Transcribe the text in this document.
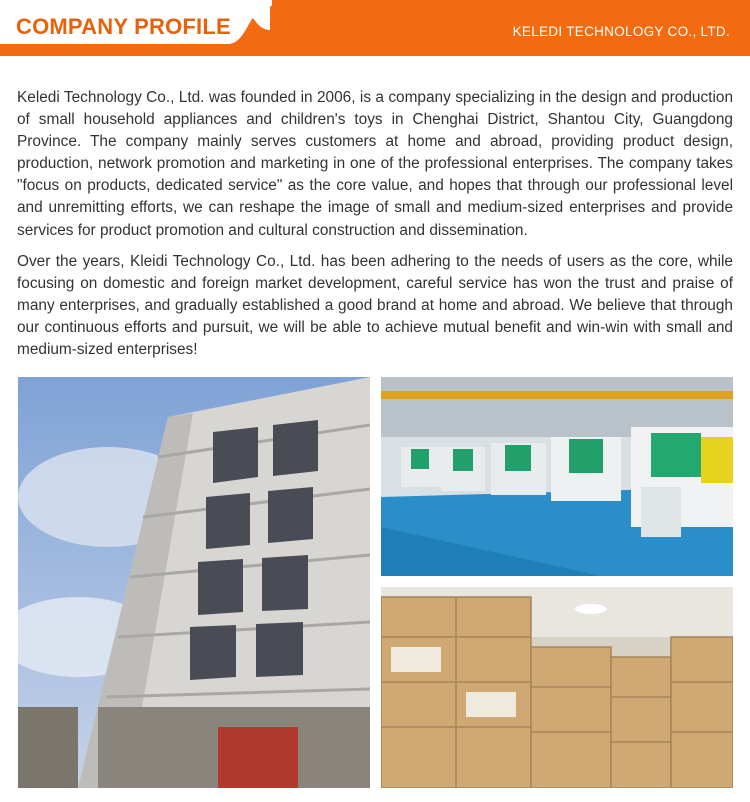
COMPANY PROFILE	KELEDI TECHNOLOGY CO., LTD.

Keledi Technology Co., Ltd. was founded in 2006, is a company specializing in the design and production of small household appliances and children's toys in Chenghai District, Shantou City, Guangdong Province. The company mainly serves customers at home and abroad, providing product design, production, network promotion and marketing in one of the professional enterprises. The company takes "focus on products, dedicated service" as the core value, and hopes that through our professional level and unremitting efforts, we can reshape the image of small and medium-sized enterprises and provide services for product promotion and cultural construction and dissemination.

Over the years, Kleidi Technology Co., Ltd. has been adhering to the needs of users as the core, while focusing on domestic and foreign market development, careful service has won the trust and praise of many enterprises, and gradually established a good brand at home and abroad. We believe that through our continuous efforts and pursuit, we will be able to achieve mutual benefit and win-win with small and medium-sized enterprises!
